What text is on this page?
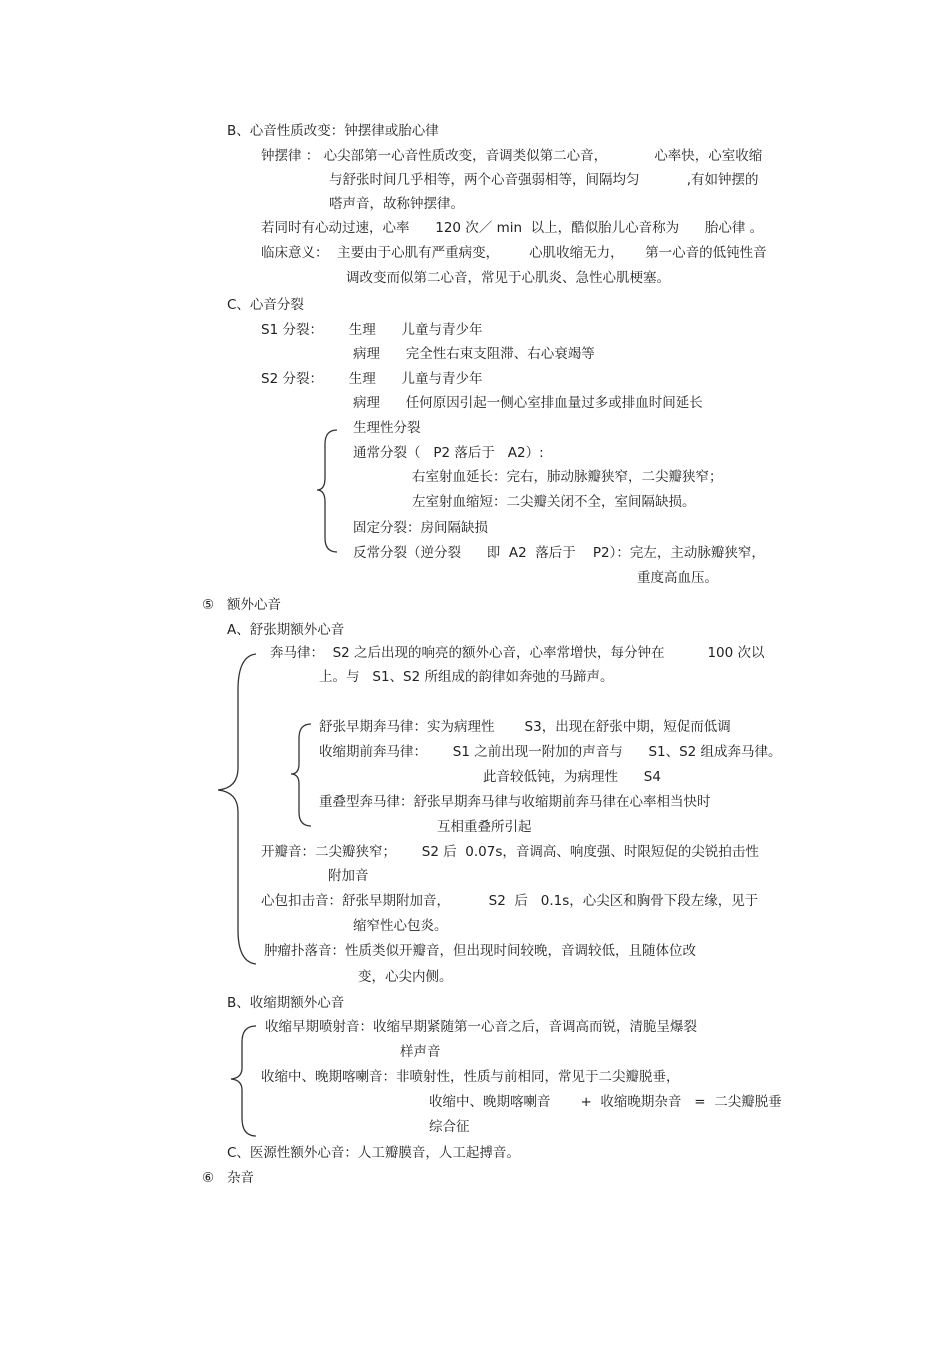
B、心音性质改变：钟摆律或胎心律
钟摆律 ： 心尖部第一心音性质改变，音调类似第二心音，           心率快，心室收缩
与舒张时间几乎相等，两个心音强弱相等，间隔均匀           ,有如钟摆的
嗒声音，故称钟摆律。
若同时有心动过速，心率      120 次／ min  以上，酷似胎儿心音称为      胎心律 。
临床意义：  主要由于心肌有严重病变，       心肌收缩无力，     第一心音的低钝性音
调改变而似第二心音，常见于心肌炎、急性心肌梗塞。
C、心音分裂
S1 分裂：      生理      儿童与青少年
病理      完全性右束支阻滞、右心衰竭等
S2 分裂：      生理      儿童与青少年
病理      任何原因引起一侧心室排血量过多或排血时间延长
生理性分裂
通常分裂（   P2 落后于   A2）:
右室射血延长：完右，肺动脉瓣狭窄，二尖瓣狭窄；
左室射血缩短：二尖瓣关闭不全，室间隔缺损。
固定分裂：房间隔缺损
反常分裂（逆分裂      即  A2  落后于    P2）：完左，主动脉瓣狭窄，
重度高血压。
⑤ 额外心音
A、舒张期额外心音
奔马律：  S2 之后出现的响亮的额外心音，心率常增快，每分钟在          100 次以
上。与   S1、S2 所组成的韵律如奔弛的马蹄声。
舒张早期奔马律：实为病理性       S3，出现在舒张中期，短促而低调
收缩期前奔马律：      S1 之前出现一附加的声音与      S1、S2 组成奔马律。
此音较低钝，为病理性      S4
重叠型奔马律：舒张早期奔马律与收缩期前奔马律在心率相当快时
互相重叠所引起
开瓣音：二尖瓣狭窄；      S2 后  0.07s，音调高、响度强、时限短促的尖锐拍击性
附加音
心包扣击音：舒张早期附加音，         S2  后   0.1s，心尖区和胸骨下段左缘，见于
缩窄性心包炎。
肿瘤扑落音：性质类似开瓣音，但出现时间较晚，音调较低，且随体位改
变，心尖内侧。
B、收缩期额外心音
收缩早期喷射音：收缩早期紧随第一心音之后，音调高而锐，清脆呈爆裂
样声音
收缩中、晚期喀喇音：非喷射性，性质与前相同，常见于二尖瓣脱垂，
收缩中、晚期喀喇音       +  收缩晚期杂音   =  二尖瓣脱垂
综合征
C、医源性额外心音：人工瓣膜音，人工起搏音。
⑥ 杂音
